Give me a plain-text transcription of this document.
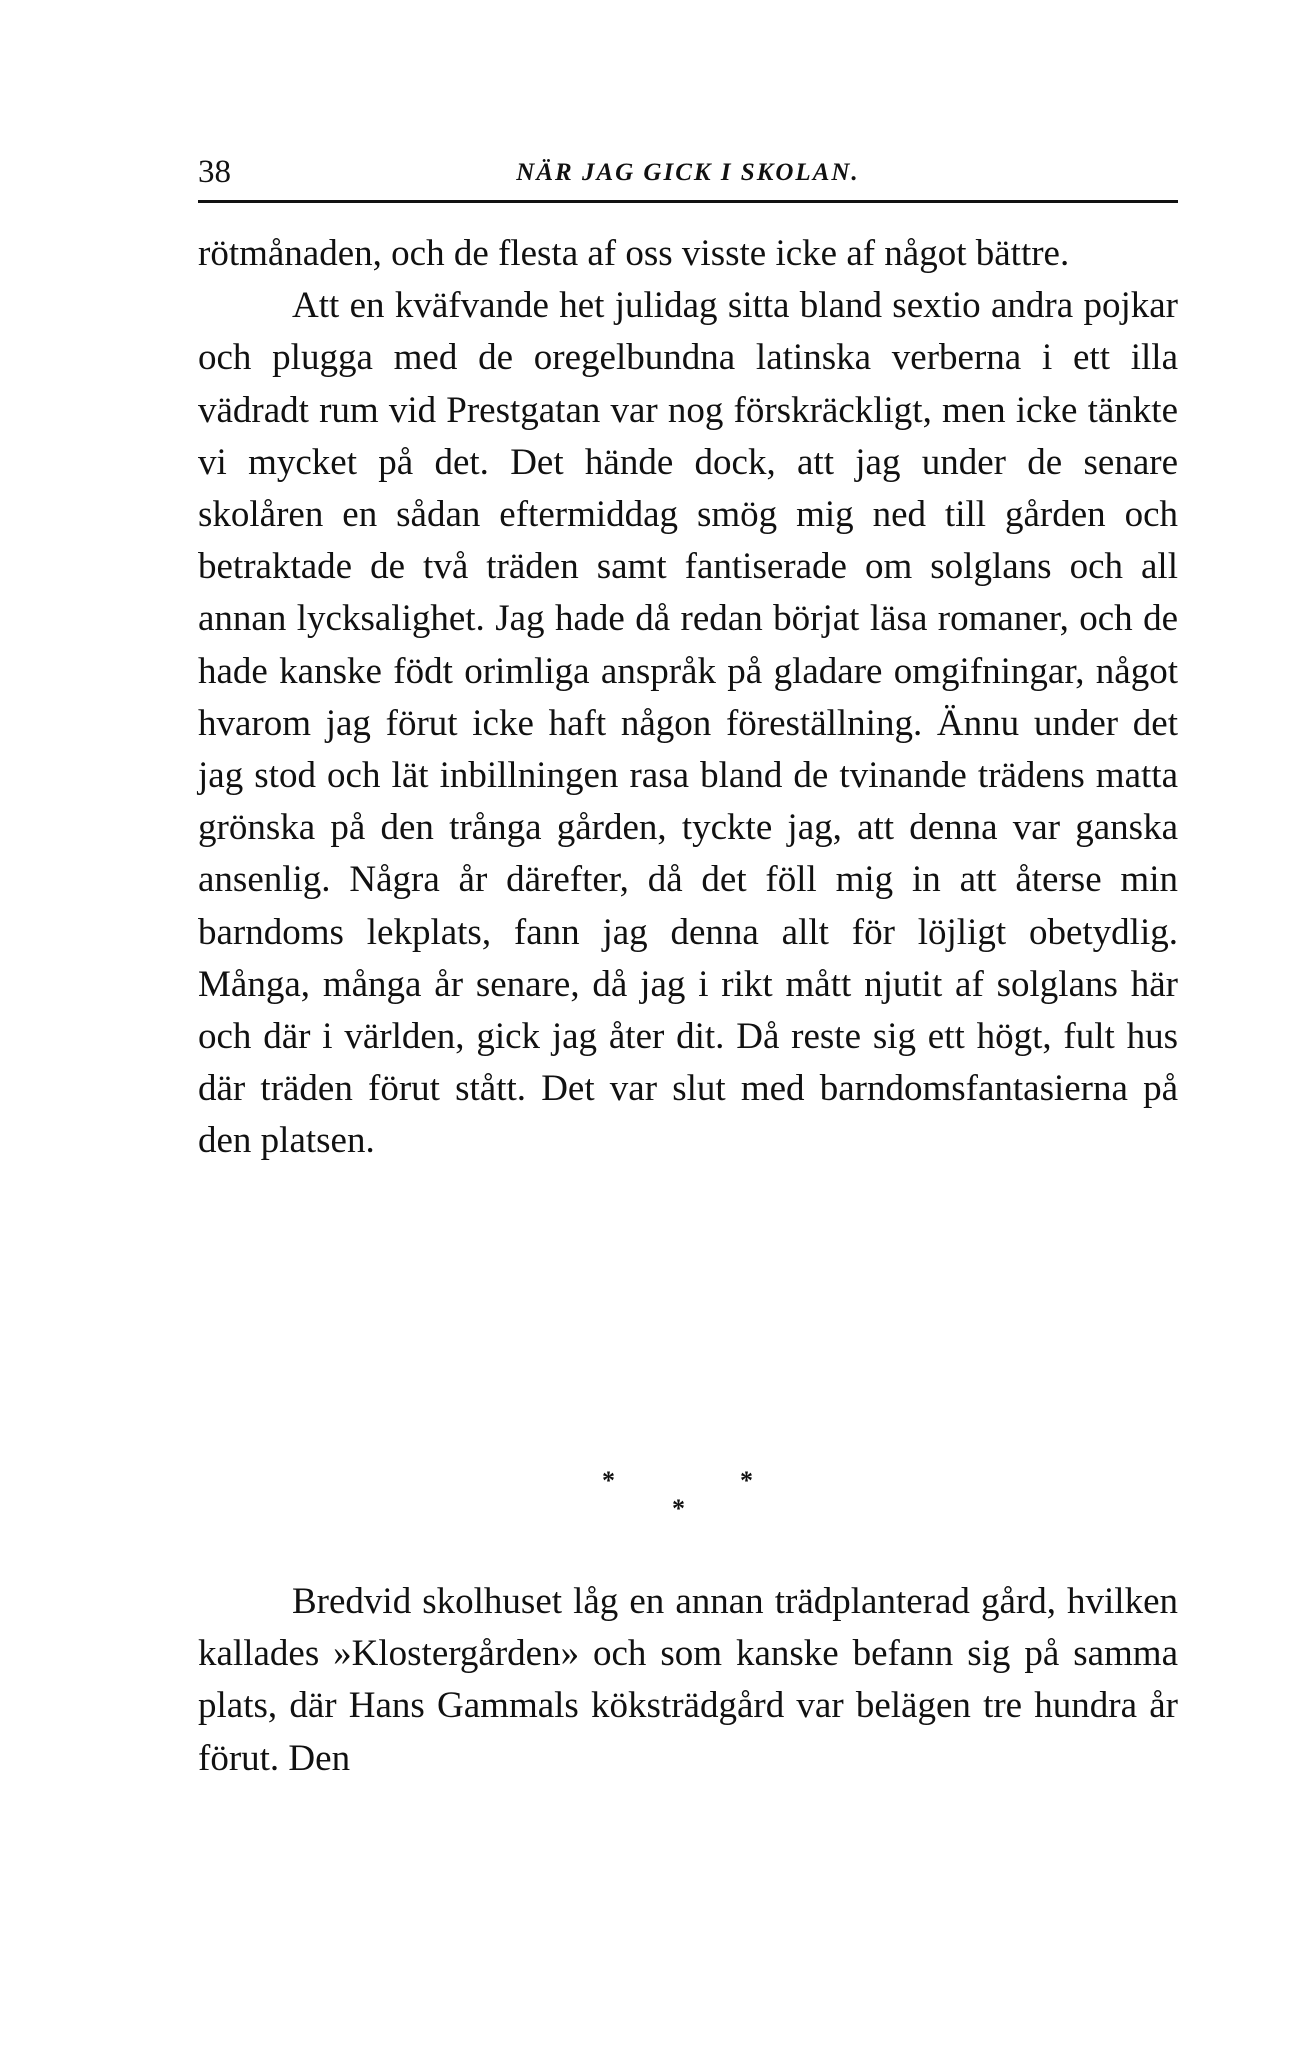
38	NÄR JAG GICK I SKOLAN.

rötmånaden, och de flesta af oss visste icke af något bättre.

Att en kväfvande het julidag sitta bland sextio andra pojkar och plugga med de oregelbundna latinska verberna i ett illa vädradt rum vid Prestgatan var nog förskräckligt, men icke tänkte vi mycket på det. Det hände dock, att jag under de senare skolåren en sådan eftermiddag smög mig ned till gården och betraktade de två träden samt fantiserade om solglans och all annan lycksalighet. Jag hade då redan börjat läsa romaner, och de hade kanske födt orimliga anspråk på gladare omgifningar, något hvarom jag förut icke haft någon föreställning. Ännu under det jag stod och lät inbillningen rasa bland de tvinande trädens matta grönska på den trånga gården, tyckte jag, att denna var ganska ansenlig. Några år därefter, då det föll mig in att återse min barndoms lekplats, fann jag denna allt för löjligt obetydlig. Många, många år senare, då jag i rikt mått njutit af solglans här och där i världen, gick jag åter dit. Då reste sig ett högt, fult hus där träden förut stått. Det var slut med barndomsfantasierna på den platsen.

*	*
*

Bredvid skolhuset låg en annan trädplanterad gård, hvilken kallades »Klostergården» och som kanske befann sig på samma plats, där Hans Gammals köksträdgård var belägen tre hundra år förut. Den
